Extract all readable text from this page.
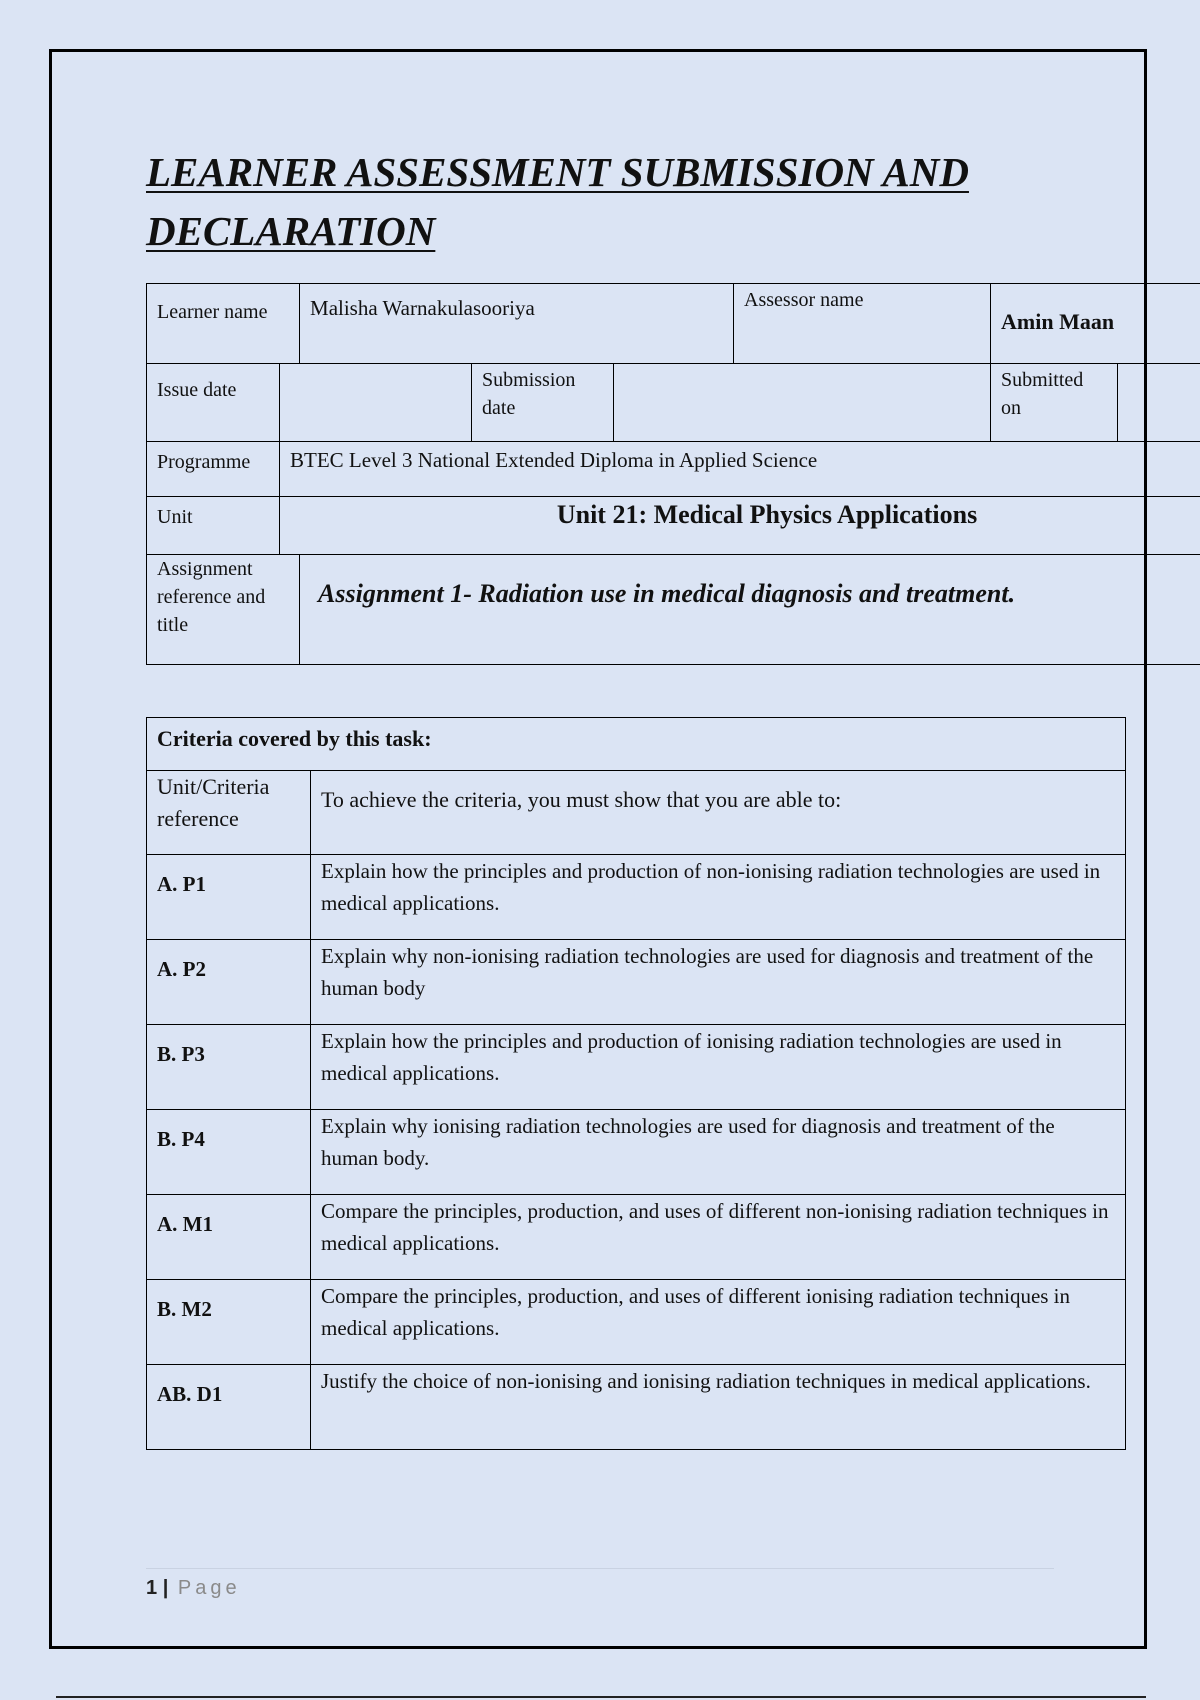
LEARNER ASSESSMENT SUBMISSION AND DECLARATION
Learner name		Malisha Warnakulasooriya			Assessor name	Amin Maan	
Issue date			Submission date			Submitted on	
Programme	BTEC Level 3 National Extended Diploma in Applied Science						
Unit	Unit 21: Medical Physics Applications						
Assignment reference and title		Assignment 1- Radiation use in medical diagnosis and treatment.					
Criteria covered by this task:	
Unit/Criteria reference	To achieve the criteria, you must show that you are able to:
A. P1	Explain how the principles and production of non-ionising radiation technologies are used in medical applications.
A. P2	Explain why non-ionising radiation technologies are used for diagnosis and treatment of the human body
B. P3	Explain how the principles and production of ionising radiation technologies are used in medical applications.
B. P4	Explain why ionising radiation technologies are used for diagnosis and treatment of the human body.
A. M1	Compare the principles, production, and uses of different non-ionising radiation techniques in medical applications.
B. M2	Compare the principles, production, and uses of different ionising radiation techniques in medical applications.
AB. D1	Justify the choice of non-ionising and ionising radiation techniques in medical applications.
1 | Page
